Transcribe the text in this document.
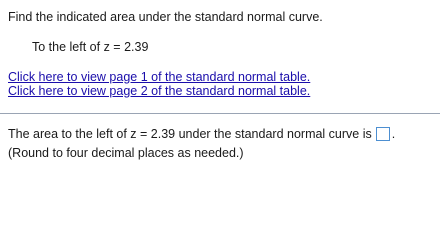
Find the indicated area under the standard normal curve.
To the left of z = 2.39
Click here to view page 1 of the standard normal table.
Click here to view page 2 of the standard normal table.
The area to the left of z = 2.39 under the standard normal curve is .
(Round to four decimal places as needed.)
